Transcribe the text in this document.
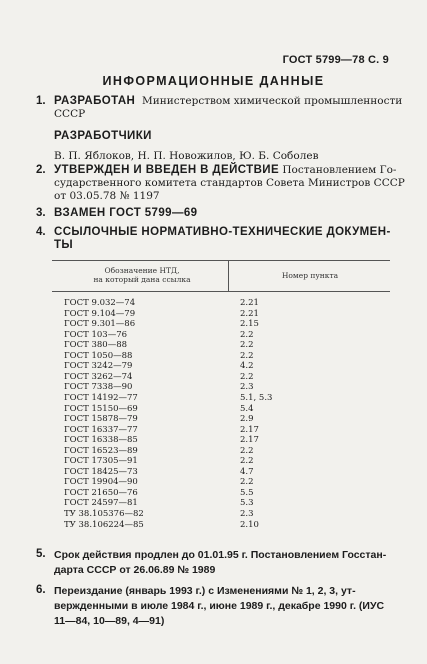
ГОСТ 5799—78 С. 9
ИНФОРМАЦИОННЫЕ ДАННЫЕ
1. РАЗРАБОТАН Министерством химической промышленности
СССР
РАЗРАБОТЧИКИ
В. П. Яблоков, Н. П. Новожилов, Ю. Б. Соболев
2. УТВЕРЖДЕН И ВВЕДЕН В ДЕЙСТВИЕ Постановлением Го-
сударственного комитета стандартов Совета Министров СССР
от 03.05.78 № 1197
3. ВЗАМЕН ГОСТ 5799—69
4. ССЫЛОЧНЫЕ НОРМАТИВНО-ТЕХНИЧЕСКИЕ ДОКУМЕН-
ТЫ
Обозначение НТД,
на который дана ссылка	Номер пункта
ГОСТ 9.032—74	2.21
ГОСТ 9.104—79	2.21
ГОСТ 9.301—86	2.15
ГОСТ 103—76	2.2
ГОСТ 380—88	2.2
ГОСТ 1050—88	2.2
ГОСТ 3242—79	4.2
ГОСТ 3262—74	2.2
ГОСТ 7338—90	2.3
ГОСТ 14192—77	5.1, 5.3
ГОСТ 15150—69	5.4
ГОСТ 15878—79	2.9
ГОСТ 16337—77	2.17
ГОСТ 16338—85	2.17
ГОСТ 16523—89	2.2
ГОСТ 17305—91	2.2
ГОСТ 18425—73	4.7
ГОСТ 19904—90	2.2
ГОСТ 21650—76	5.5
ГОСТ 24597—81	5.3
ТУ 38.105376—82	2.3
ТУ 38.106224—85	2.10
5. Срок действия продлен до 01.01.95 г. Постановлением Госстан-
дарта СССР от 26.06.89 № 1989
6. Переиздание (январь 1993 г.) с Изменениями № 1, 2, 3, ут-
вержденными в июле 1984 г., июне 1989 г., декабре 1990 г. (ИУС
11—84, 10—89, 4—91)
